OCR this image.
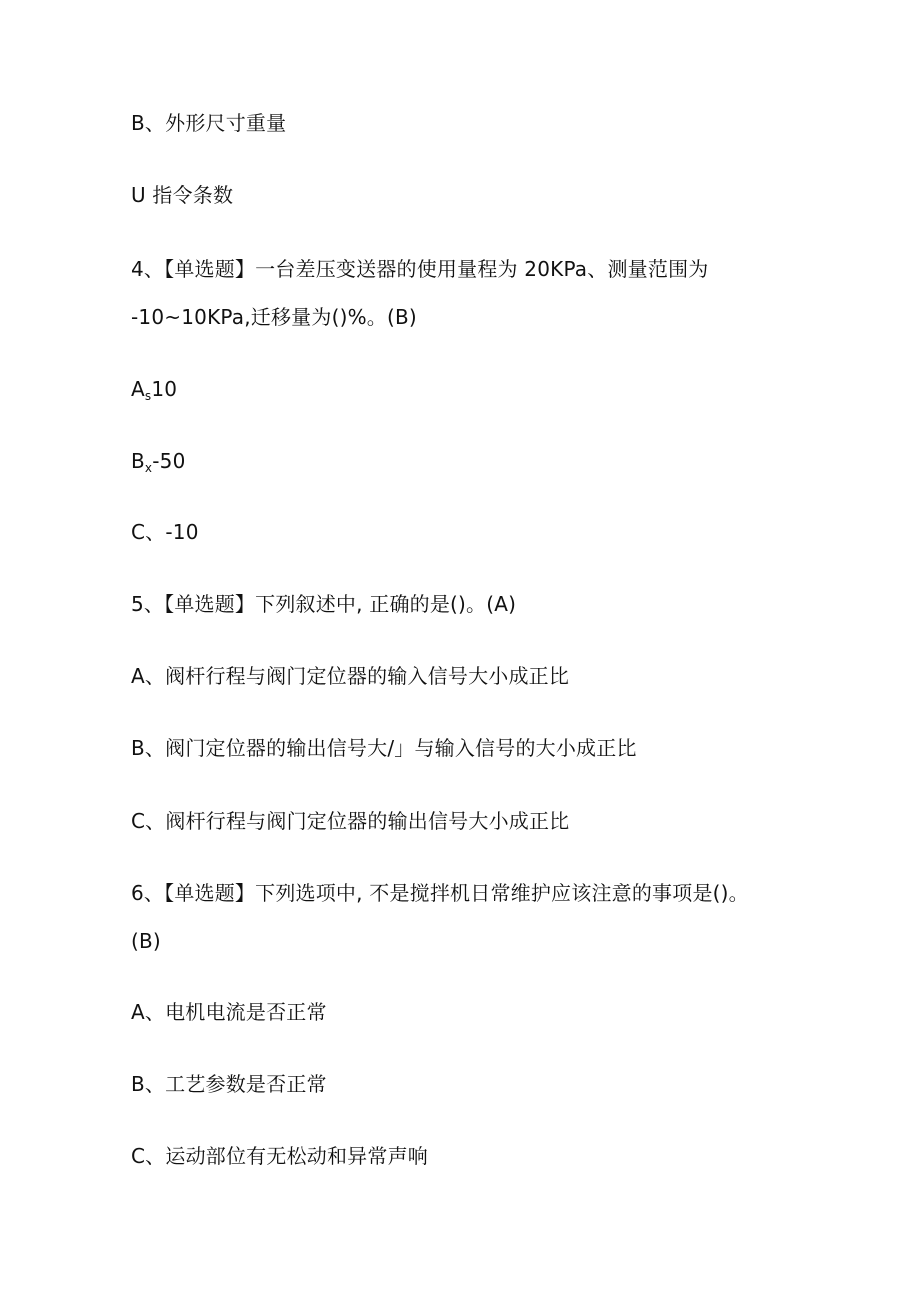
B、外形尺寸重量
U 指令条数
4、【单选题】一台差压变送器的使用量程为 20KPa、测量范围为
-10~10KPa,迁移量为()%。(B)
$A_s10$
$B_x-50$
C、-10
5、【单选题】下列叙述中, 正确的是()。(A)
A、阀杆行程与阀门定位器的输入信号大小成正比
B、阀门定位器的输出信号大/」与输入信号的大小成正比
C、阀杆行程与阀门定位器的输出信号大小成正比
6、【单选题】下列选项中, 不是搅拌机日常维护应该注意的事项是()。
(B)
A、电机电流是否正常
B、工艺参数是否正常
C、运动部位有无松动和异常声响
